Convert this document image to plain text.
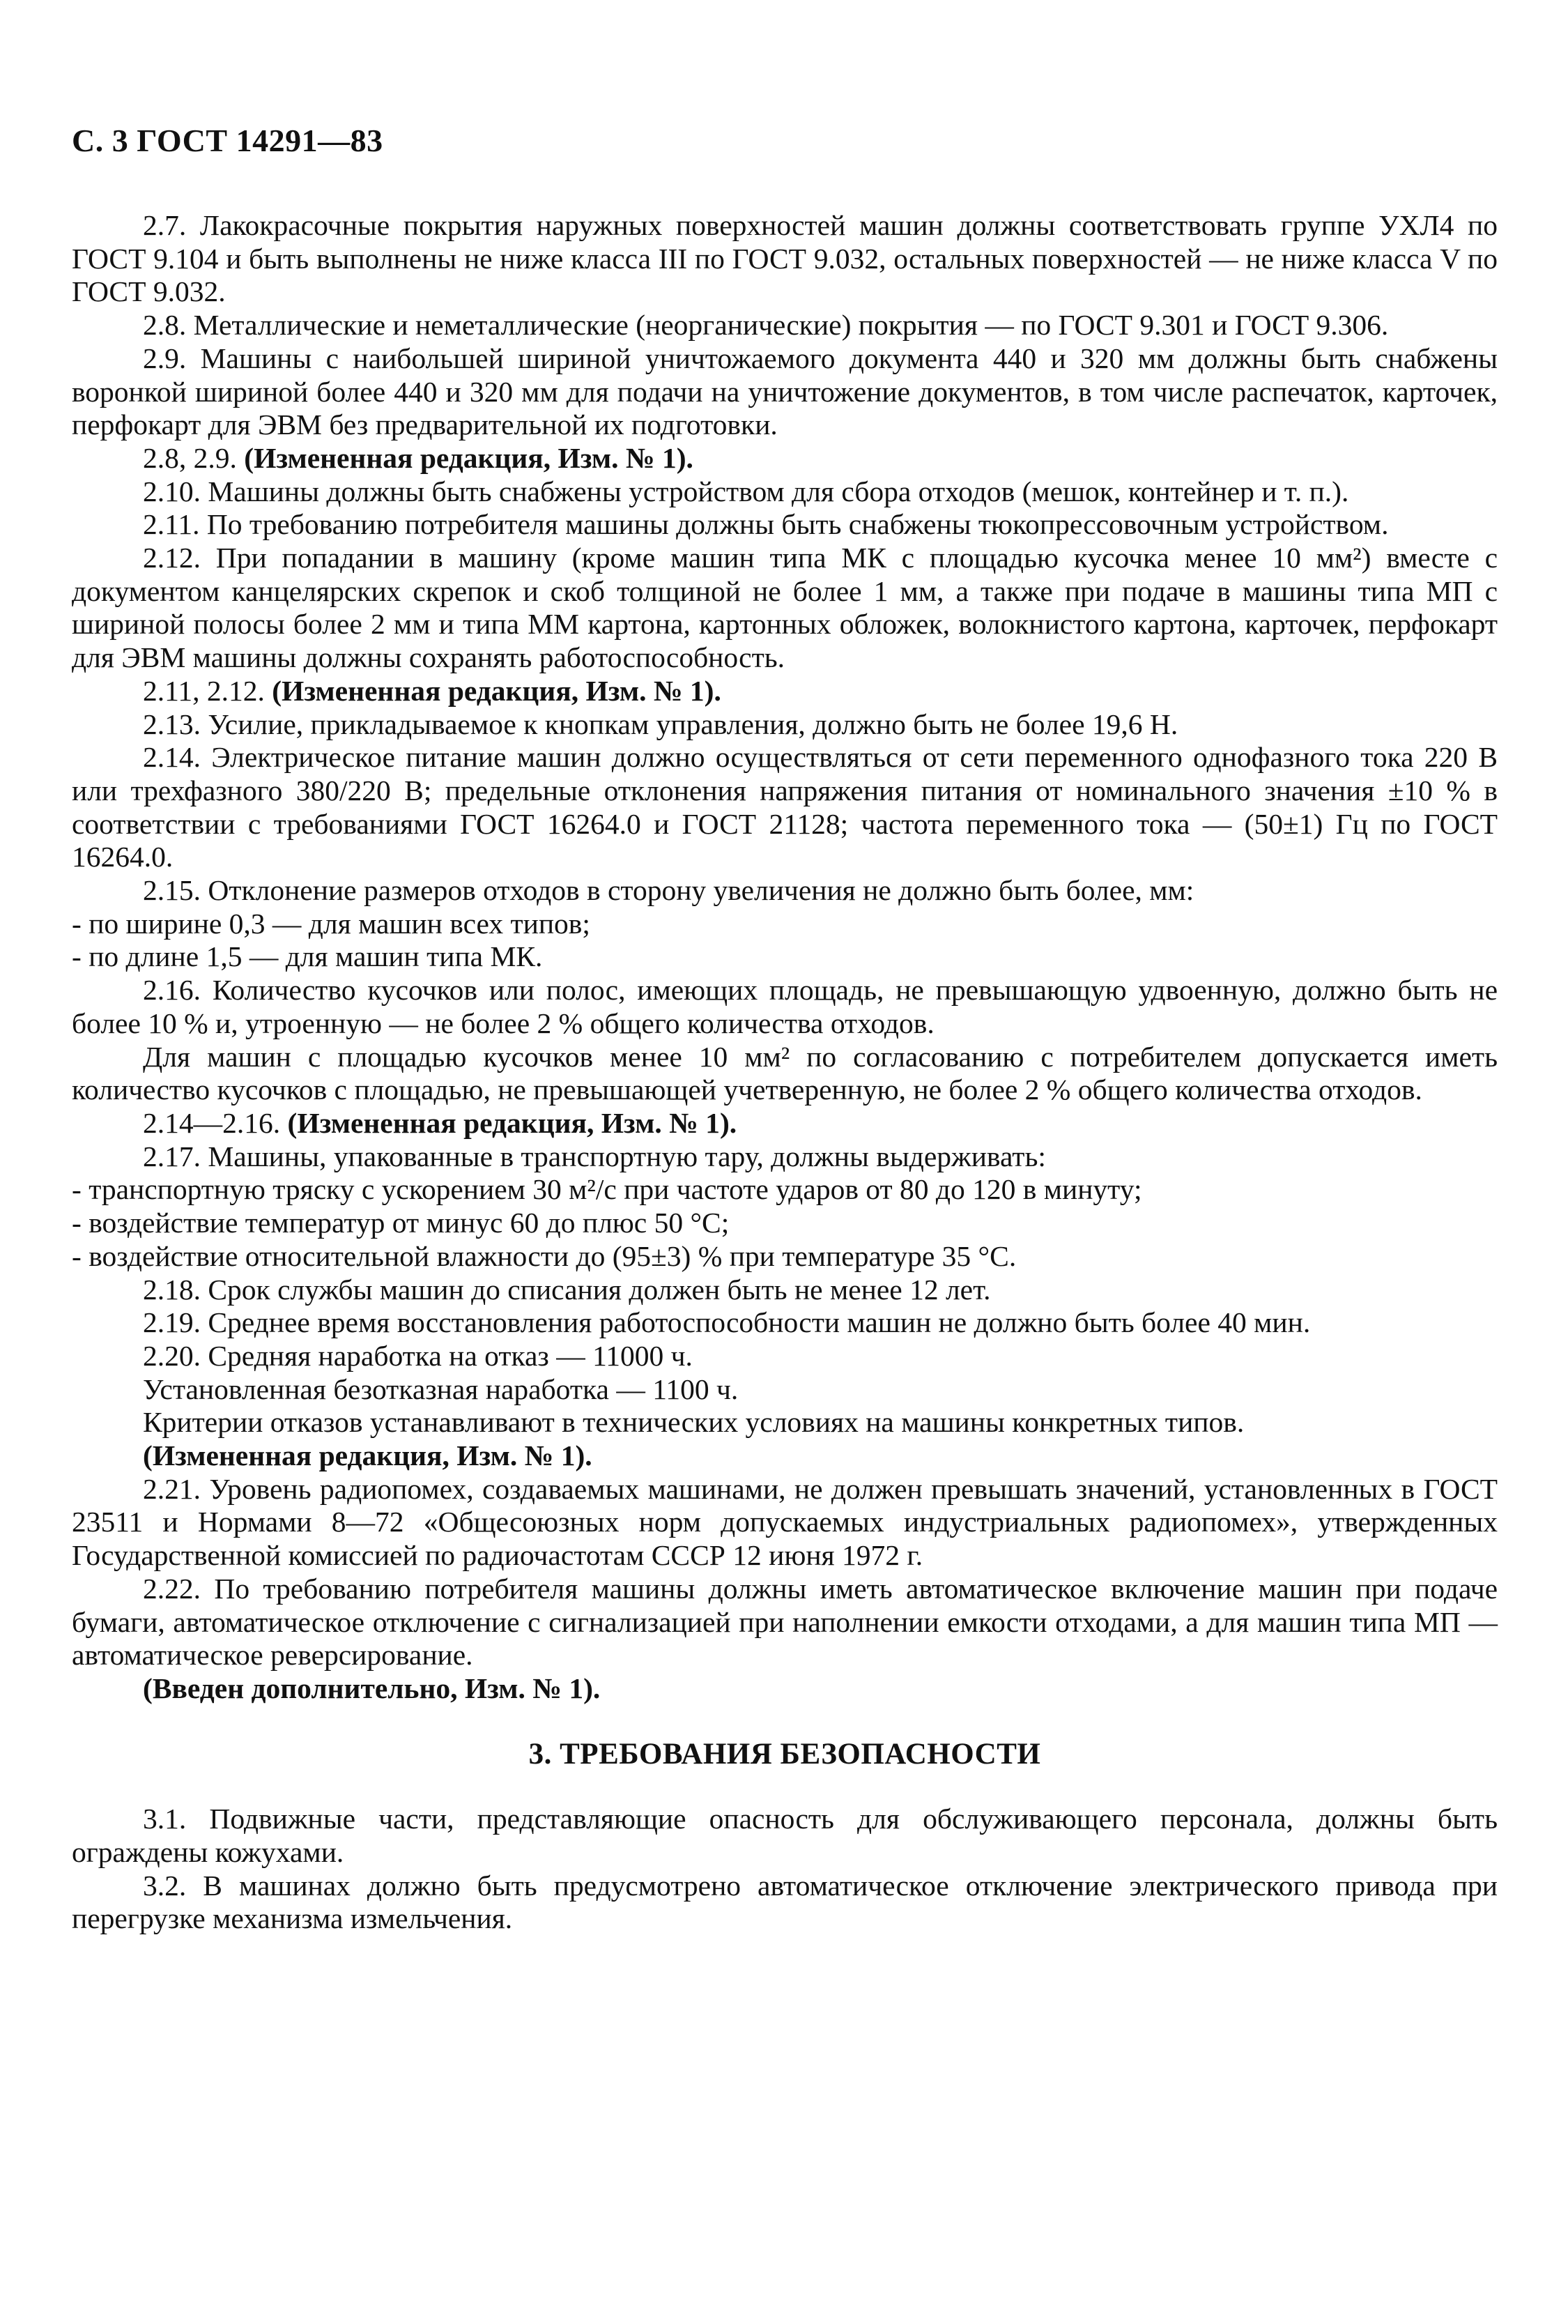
С. 3 ГОСТ 14291—83

2.7. Лакокрасочные покрытия наружных поверхностей машин должны соответствовать группе УХЛ4 по ГОСТ 9.104 и быть выполнены не ниже класса III по ГОСТ 9.032, остальных поверхностей — не ниже класса V по ГОСТ 9.032.

2.8. Металлические и неметаллические (неорганические) покрытия — по ГОСТ 9.301 и ГОСТ 9.306.

2.9. Машины с наибольшей шириной уничтожаемого документа 440 и 320 мм должны быть снабжены воронкой шириной более 440 и 320 мм для подачи на уничтожение документов, в том числе распечаток, карточек, перфокарт для ЭВМ без предварительной их подготовки.

2.8, 2.9. (Измененная редакция, Изм. № 1).

2.10. Машины должны быть снабжены устройством для сбора отходов (мешок, контейнер и т. п.).

2.11. По требованию потребителя машины должны быть снабжены тюкопрессовочным устройством.

2.12. При попадании в машину (кроме машин типа МК с площадью кусочка менее 10 мм²) вместе с документом канцелярских скрепок и скоб толщиной не более 1 мм, а также при подаче в машины типа МП с шириной полосы более 2 мм и типа ММ картона, картонных обложек, волокнистого картона, карточек, перфокарт для ЭВМ машины должны сохранять работоспособность.

2.11, 2.12. (Измененная редакция, Изм. № 1).

2.13. Усилие, прикладываемое к кнопкам управления, должно быть не более 19,6 Н.

2.14. Электрическое питание машин должно осуществляться от сети переменного однофазного тока 220 В или трехфазного 380/220 В; предельные отклонения напряжения питания от номинального значения ±10 % в соответствии с требованиями ГОСТ 16264.0 и ГОСТ 21128; частота переменного тока — (50±1) Гц по ГОСТ 16264.0.

2.15. Отклонение размеров отходов в сторону увеличения не должно быть более, мм:

- по ширине 0,3 — для машин всех типов;

- по длине 1,5 — для машин типа МК.

2.16. Количество кусочков или полос, имеющих площадь, не превышающую удвоенную, должно быть не более 10 % и, утроенную — не более 2 % общего количества отходов.

Для машин с площадью кусочков менее 10 мм² по согласованию с потребителем допускается иметь количество кусочков с площадью, не превышающей учетверенную, не более 2 % общего количества отходов.

2.14—2.16. (Измененная редакция, Изм. № 1).

2.17. Машины, упакованные в транспортную тару, должны выдерживать:

- транспортную тряску с ускорением 30 м²/с при частоте ударов от 80 до 120 в минуту;

- воздействие температур от минус 60 до плюс 50 °С;

- воздействие относительной влажности до (95±3) % при температуре 35 °С.

2.18. Срок службы машин до списания должен быть не менее 12 лет.

2.19. Среднее время восстановления работоспособности машин не должно быть более 40 мин.

2.20. Средняя наработка на отказ — 11000 ч.

Установленная безотказная наработка — 1100 ч.

Критерии отказов устанавливают в технических условиях на машины конкретных типов.

(Измененная редакция, Изм. № 1).

2.21. Уровень радиопомех, создаваемых машинами, не должен превышать значений, установленных в ГОСТ 23511 и Нормами 8—72 «Общесоюзных норм допускаемых индустриальных радиопомех», утвержденных Государственной комиссией по радиочастотам СССР 12 июня 1972 г.

2.22. По требованию потребителя машины должны иметь автоматическое включение машин при подаче бумаги, автоматическое отключение с сигнализацией при наполнении емкости отходами, а для машин типа МП — автоматическое реверсирование.

(Введен дополнительно, Изм. № 1).

3. ТРЕБОВАНИЯ БЕЗОПАСНОСТИ

3.1. Подвижные части, представляющие опасность для обслуживающего персонала, должны быть ограждены кожухами.

3.2. В машинах должно быть предусмотрено автоматическое отключение электрического привода при перегрузке механизма измельчения.
